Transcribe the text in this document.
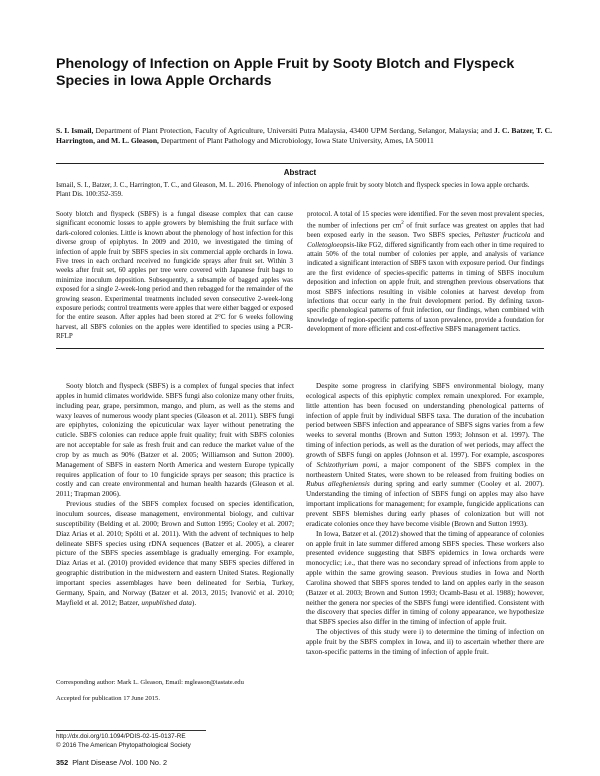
Phenology of Infection on Apple Fruit by Sooty Blotch and Flyspeck Species in Iowa Apple Orchards
S. I. Ismail, Department of Plant Protection, Faculty of Agriculture, Universiti Putra Malaysia, 43400 UPM Serdang, Selangor, Malaysia; and J. C. Batzer, T. C. Harrington, and M. L. Gleason, Department of Plant Pathology and Microbiology, Iowa State University, Ames, IA 50011
Abstract
Ismail, S. I., Batzer, J. C., Harrington, T. C., and Gleason, M. L. 2016. Phenology of infection on apple fruit by sooty blotch and flyspeck species in Iowa apple orchards. Plant Dis. 100:352-359.

Sooty blotch and flyspeck (SBFS) is a fungal disease complex that can cause significant economic losses to apple growers by blemishing the fruit surface with dark-colored colonies. Little is known about the phenology of host infection for this diverse group of epiphytes. In 2009 and 2010, we investigated the timing of infection of apple fruit by SBFS species in six commercial apple orchards in Iowa. Five trees in each orchard received no fungicide sprays after fruit set. Within 3 weeks after fruit set, 60 apples per tree were covered with Japanese fruit bags to minimize inoculum deposition. Subsequently, a subsample of bagged apples was exposed for a single 2-week-long period and then rebagged for the remainder of the growing season. Experimental treatments included seven consecutive 2-week-long exposure periods; control treatments were apples that were either bagged or exposed for the entire season. After apples had been stored at 2°C for 6 weeks following harvest, all SBFS colonies on the apples were identified to species using a PCR-RFLP

protocol. A total of 15 species were identified. For the seven most prevalent species, the number of infections per $cm^2$ of fruit surface was greatest on apples that had been exposed early in the season. Two SBFS species, Peltaster fructicola and Colletogloeopsis-like FG2, differed significantly from each other in time required to attain 50% of the total number of colonies per apple, and analysis of variance indicated a significant interaction of SBFS taxon with exposure period. Our findings are the first evidence of species-specific patterns in timing of SBFS inoculum deposition and infection on apple fruit, and strengthen previous observations that most SBFS infections resulting in visible colonies at harvest develop from infections that occur early in the fruit development period. By defining taxon-specific phenological patterns of fruit infection, our findings, when combined with knowledge of region-specific patterns of taxon prevalence, provide a foundation for development of more efficient and cost-effective SBFS management tactics.

Sooty blotch and flyspeck (SBFS) is a complex of fungal species that infect apples in humid climates worldwide. SBFS fungi also colonize many other fruits, including pear, grape, persimmon, mango, and plum, as well as the stems and waxy leaves of numerous woody plant species (Gleason et al. 2011). SBFS fungi are epiphytes, colonizing the epicuticular wax layer without penetrating the cuticle. SBFS colonies can reduce apple fruit quality; fruit with SBFS colonies are not acceptable for sale as fresh fruit and can reduce the market value of the crop by as much as 90% (Batzer et al. 2005; Williamson and Sutton 2000). Management of SBFS in eastern North America and western Europe typically requires application of four to 10 fungicide sprays per season; this practice is costly and can create environmental and human health hazards (Gleason et al. 2011; Trapman 2006).

Previous studies of the SBFS complex focused on species identification, inoculum sources, disease management, environmental biology, and cultivar susceptibility (Belding et al. 2000; Brown and Sutton 1995; Cooley et al. 2007; Díaz Arias et al. 2010; Spólti et al. 2011). With the advent of techniques to help delineate SBFS species using rDNA sequences (Batzer et al. 2005), a clearer picture of the SBFS species assemblage is gradually emerging. For example, Díaz Arias et al. (2010) provided evidence that many SBFS species differed in geographic distribution in the midwestern and eastern United States. Regionally important species assemblages have been delineated for Serbia, Turkey, Germany, Spain, and Norway (Batzer et al. 2013, 2015; Ivanović et al. 2010; Mayfield et al. 2012; Batzer, unpublished data).

Corresponding author: Mark L. Gleason, Email: mgleason@iastate.edu
Accepted for publication 17 June 2015.
http://dx.doi.org/10.1094/PDIS-02-15-0137-RE
© 2016 The American Phytopathological Society
352 Plant Disease /Vol. 100 No. 2

Despite some progress in clarifying SBFS environmental biology, many ecological aspects of this epiphytic complex remain unexplored. For example, little attention has been focused on understanding phenological patterns of infection of apple fruit by individual SBFS taxa. The duration of the incubation period between SBFS infection and appearance of SBFS signs varies from a few weeks to several months (Brown and Sutton 1993; Johnson et al. 1997). The timing of infection periods, as well as the duration of wet periods, may affect the growth of SBFS fungi on apples (Johnson et al. 1997). For example, ascospores of Schizothyrium pomi, a major component of the SBFS complex in the northeastern United States, were shown to be released from fruiting bodies on Rubus allegheniensis during spring and early summer (Cooley et al. 2007). Understanding the timing of infection of SBFS fungi on apples may also have important implications for management; for example, fungicide applications can prevent SBFS blemishes during early phases of colonization but will not eradicate colonies once they have become visible (Brown and Sutton 1993).

In Iowa, Batzer et al. (2012) showed that the timing of appearance of colonies on apple fruit in late summer differed among SBFS species. These workers also presented evidence suggesting that SBFS epidemics in Iowa orchards were monocyclic; i.e., that there was no secondary spread of infections from apple to apple within the same growing season. Previous studies in Iowa and North Carolina showed that SBFS spores tended to land on apples early in the season (Batzer et al. 2003; Brown and Sutton 1993; Ocamb-Basu et al. 1988); however, neither the genera nor species of the SBFS fungi were identified. Consistent with the discovery that species differ in timing of colony appearance, we hypothesize that SBFS species also differ in the timing of infection of apple fruit.

The objectives of this study were i) to determine the timing of infection on apple fruit by the SBFS complex in Iowa, and ii) to ascertain whether there are taxon-specific patterns in the timing of infection of apple fruit.
